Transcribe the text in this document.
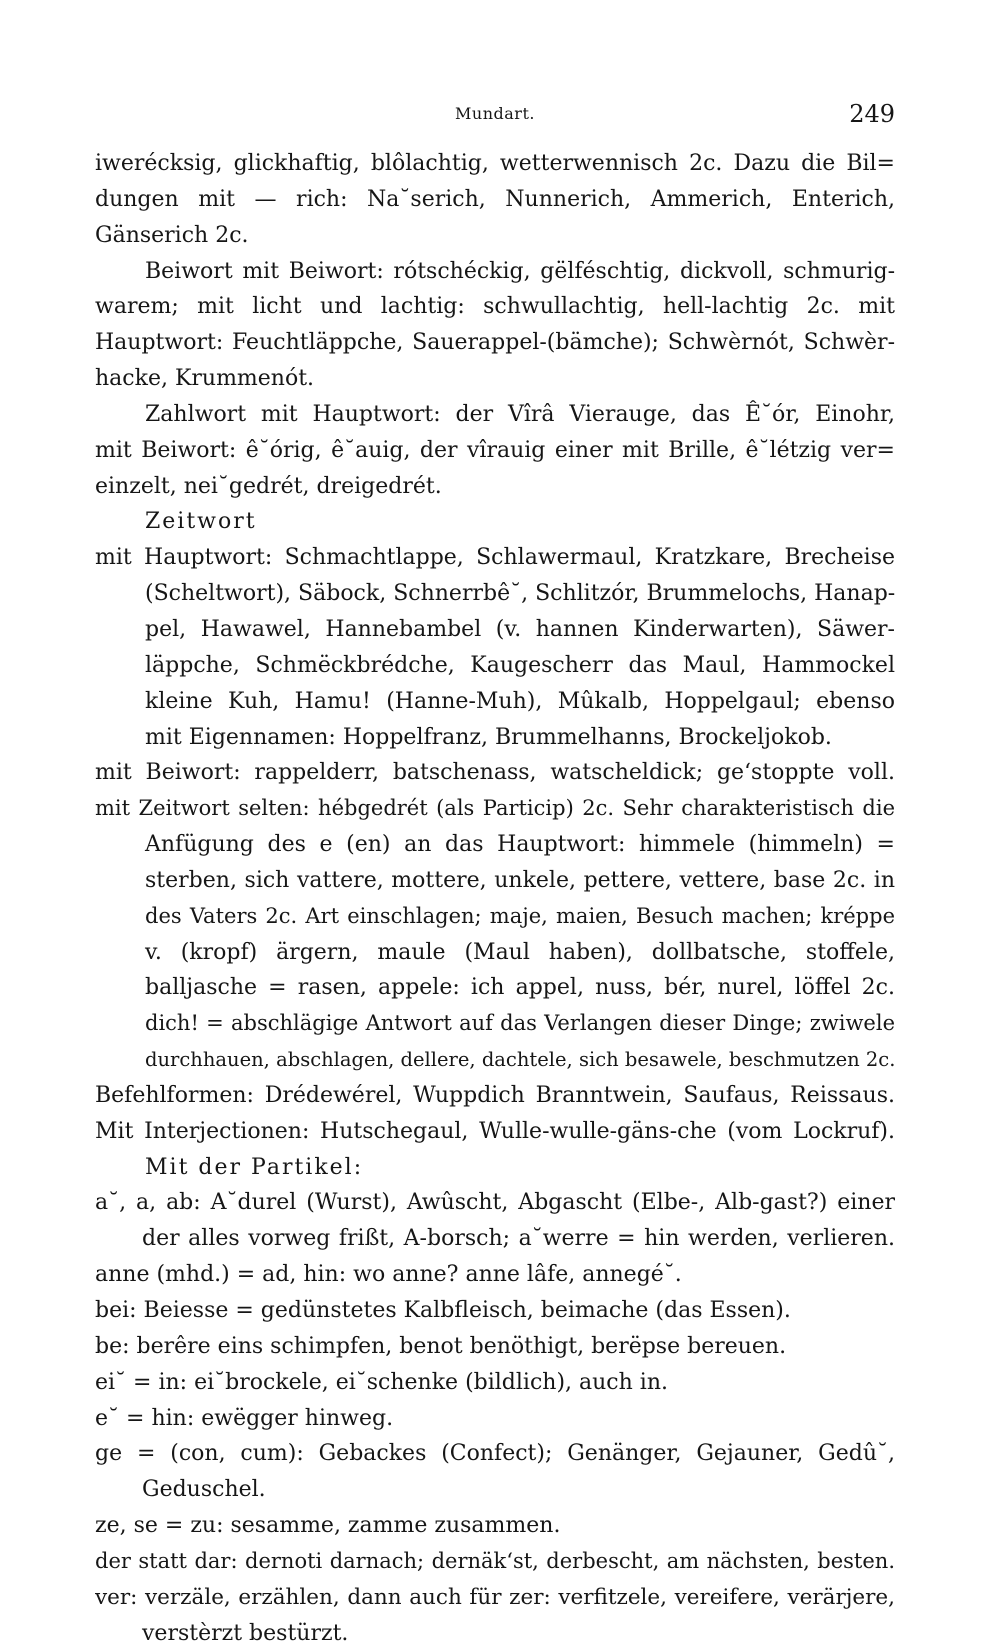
Mundart.	249
iwerécksig, glickhaftig, blôlachtig, wetterwennisch 2c. Dazu die Bil=
dungen mit — rich: Na˘serich, Nunnerich, Ammerich, Enterich,
Gänserich 2c.
Beiwort mit Beiwort: rótschéckig, gëlféschtig, dickvoll, schmurig-
warem; mit licht und lachtig: schwullachtig, hell-lachtig 2c. mit
Hauptwort: Feuchtläppche, Sauerappel-(bämche); Schwèrnót, Schwèr-
hacke, Krummenót.
Zahlwort mit Hauptwort: der Vîrâ Vierauge, das Ê˘ór, Einohr,
mit Beiwort: ê˘órig, ê˘auig, der vîrauig einer mit Brille, ê˘létzig ver=
einzelt, nei˘gedrét, dreigedrét.
Zeitwort
mit Hauptwort: Schmachtlappe, Schlawermaul, Kratzkare, Brecheise
(Scheltwort), Säbock, Schnerrbê˘, Schlitzór, Brummelochs, Hanap-
pel, Hawawel, Hannebambel (v. hannen Kinderwarten), Säwer-
läppche, Schmëckbrédche, Kaugescherr das Maul, Hammockel
kleine Kuh, Hamu! (Hanne-Muh), Mûkalb, Hoppelgaul; ebenso
mit Eigennamen: Hoppelfranz, Brummelhanns, Brockeljokob.
mit Beiwort: rappelderr, batschenass, watscheldick; ge‘stoppte voll.
mit Zeitwort selten: hébgedrét (als Particip) 2c. Sehr charakteristisch die
Anfügung des e (en) an das Hauptwort: himmele (himmeln) =
sterben, sich vattere, mottere, unkele, pettere, vettere, base 2c. in
des Vaters 2c. Art einschlagen; maje, maien, Besuch machen; kréppe
v. (kropf) ärgern, maule (Maul haben), dollbatsche, stoffele,
balljasche = rasen, appele: ich appel, nuss, bér, nurel, löffel 2c.
dich! = abschlägige Antwort auf das Verlangen dieser Dinge; zwiwele
durchhauen, abschlagen, dellere, dachtele, sich besawele, beschmutzen 2c.
Befehlformen: Drédewérel, Wuppdich Branntwein, Saufaus, Reissaus.
Mit Interjectionen: Hutschegaul, Wulle-wulle-gäns-che (vom Lockruf).
Mit der Partikel:
a˘, a, ab: A˘durel (Wurst), Awûscht, Abgascht (Elbe-, Alb-gast?) einer
der alles vorweg frißt, A-borsch; a˘werre = hin werden, verlieren.
anne (mhd.) = ad, hin: wo anne? anne lâfe, annegé˘.
bei: Beiesse = gedünstetes Kalbfleisch, beimache (das Essen).
be: berêre eins schimpfen, benot benöthigt, berëpse bereuen.
ei˘ = in: ei˘brockele, ei˘schenke (bildlich), auch in.
e˘ = hin: ewëgger hinweg.
ge = (con, cum): Gebackes (Confect); Genänger, Gejauner, Gedû˘,
Geduschel.
ze, se = zu: sesamme, zamme zusammen.
der statt dar: dernoti darnach; dernäk‘st, derbescht, am nächsten, besten.
ver: verzäle, erzählen, dann auch für zer: verfitzele, vereifere, verärjere,
verstèrzt bestürzt.
